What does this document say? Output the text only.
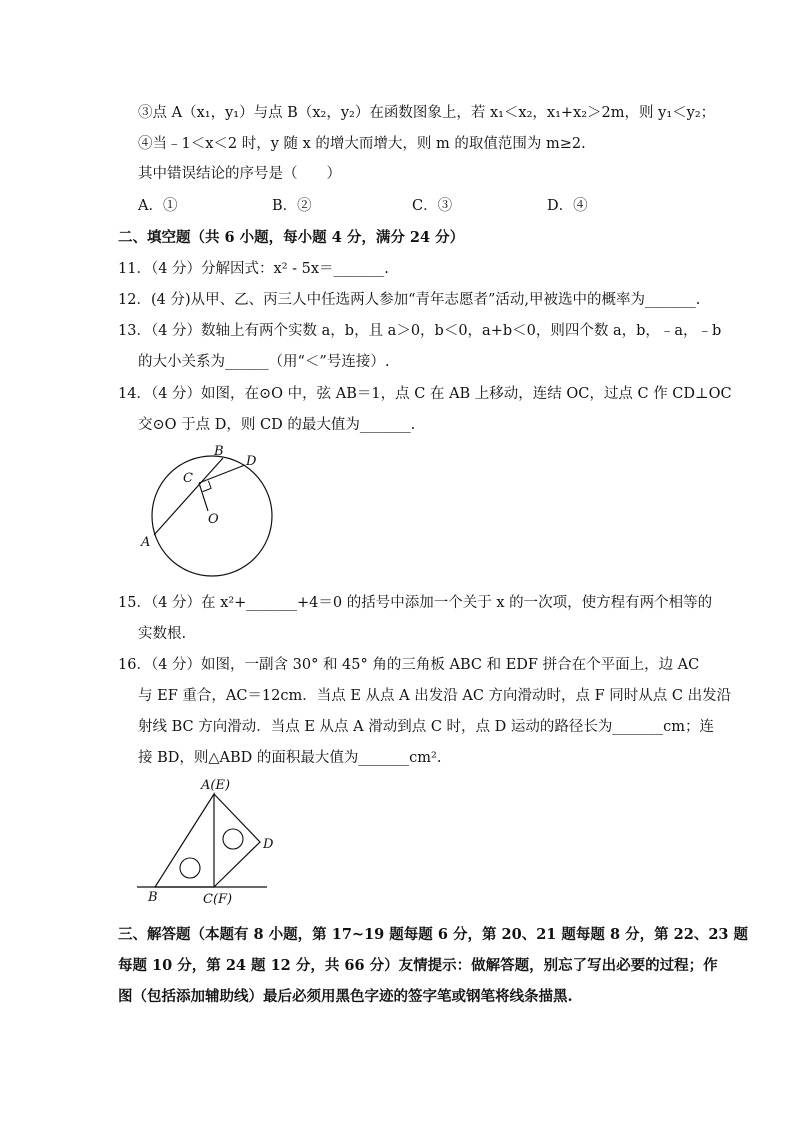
③点 A（x₁，y₁）与点 B（x₂，y₂）在函数图象上，若 x₁＜x₂，x₁+x₂＞2m，则 y₁＜y₂；
④当﹣1＜x＜2 时，y 随 x 的增大而增大，则 m 的取值范围为 m≥2.
其中错误结论的序号是（　　）
A．①	B．②	C．③	D．④
二、填空题（共 6 小题，每小题 4 分，满分 24 分）
11．（4 分）分解因式：x² - 5x＝_______.
12．(4 分)从甲、乙、丙三人中任选两人参加“青年志愿者”活动,甲被选中的概率为_______.
13．（4 分）数轴上有两个实数 a，b，且 a＞0，b＜0，a+b＜0，则四个数 a，b，﹣a，﹣b
的大小关系为______（用“＜”号连接）.
14．（4 分）如图，在⊙O 中，弦 AB＝1，点 C 在 AB 上移动，连结 OC，过点 C 作 CD⊥OC
交⊙O 于点 D，则 CD 的最大值为_______.
B
D
C
O
A
15．（4 分）在 x²+_______+4＝0 的括号中添加一个关于 x 的一次项，使方程有两个相等的
实数根.
16．（4 分）如图，一副含 30° 和 45° 角的三角板 ABC 和 EDF 拼合在个平面上，边 AC
与 EF 重合，AC＝12cm．当点 E 从点 A 出发沿 AC 方向滑动时，点 F 同时从点 C 出发沿
射线 BC 方向滑动．当点 E 从点 A 滑动到点 C 时，点 D 运动的路径长为_______cm；连
接 BD，则△ABD 的面积最大值为_______cm².
A(E)
D
B	C(F)
三、解答题（本题有 8 小题，第 17~19 题每题 6 分，第 20、21 题每题 8 分，第 22、23 题
每题 10 分，第 24 题 12 分，共 66 分）友情提示：做解答题，别忘了写出必要的过程；作
图（包括添加辅助线）最后必须用黑色字迹的签字笔或钢笔将线条描黑.
